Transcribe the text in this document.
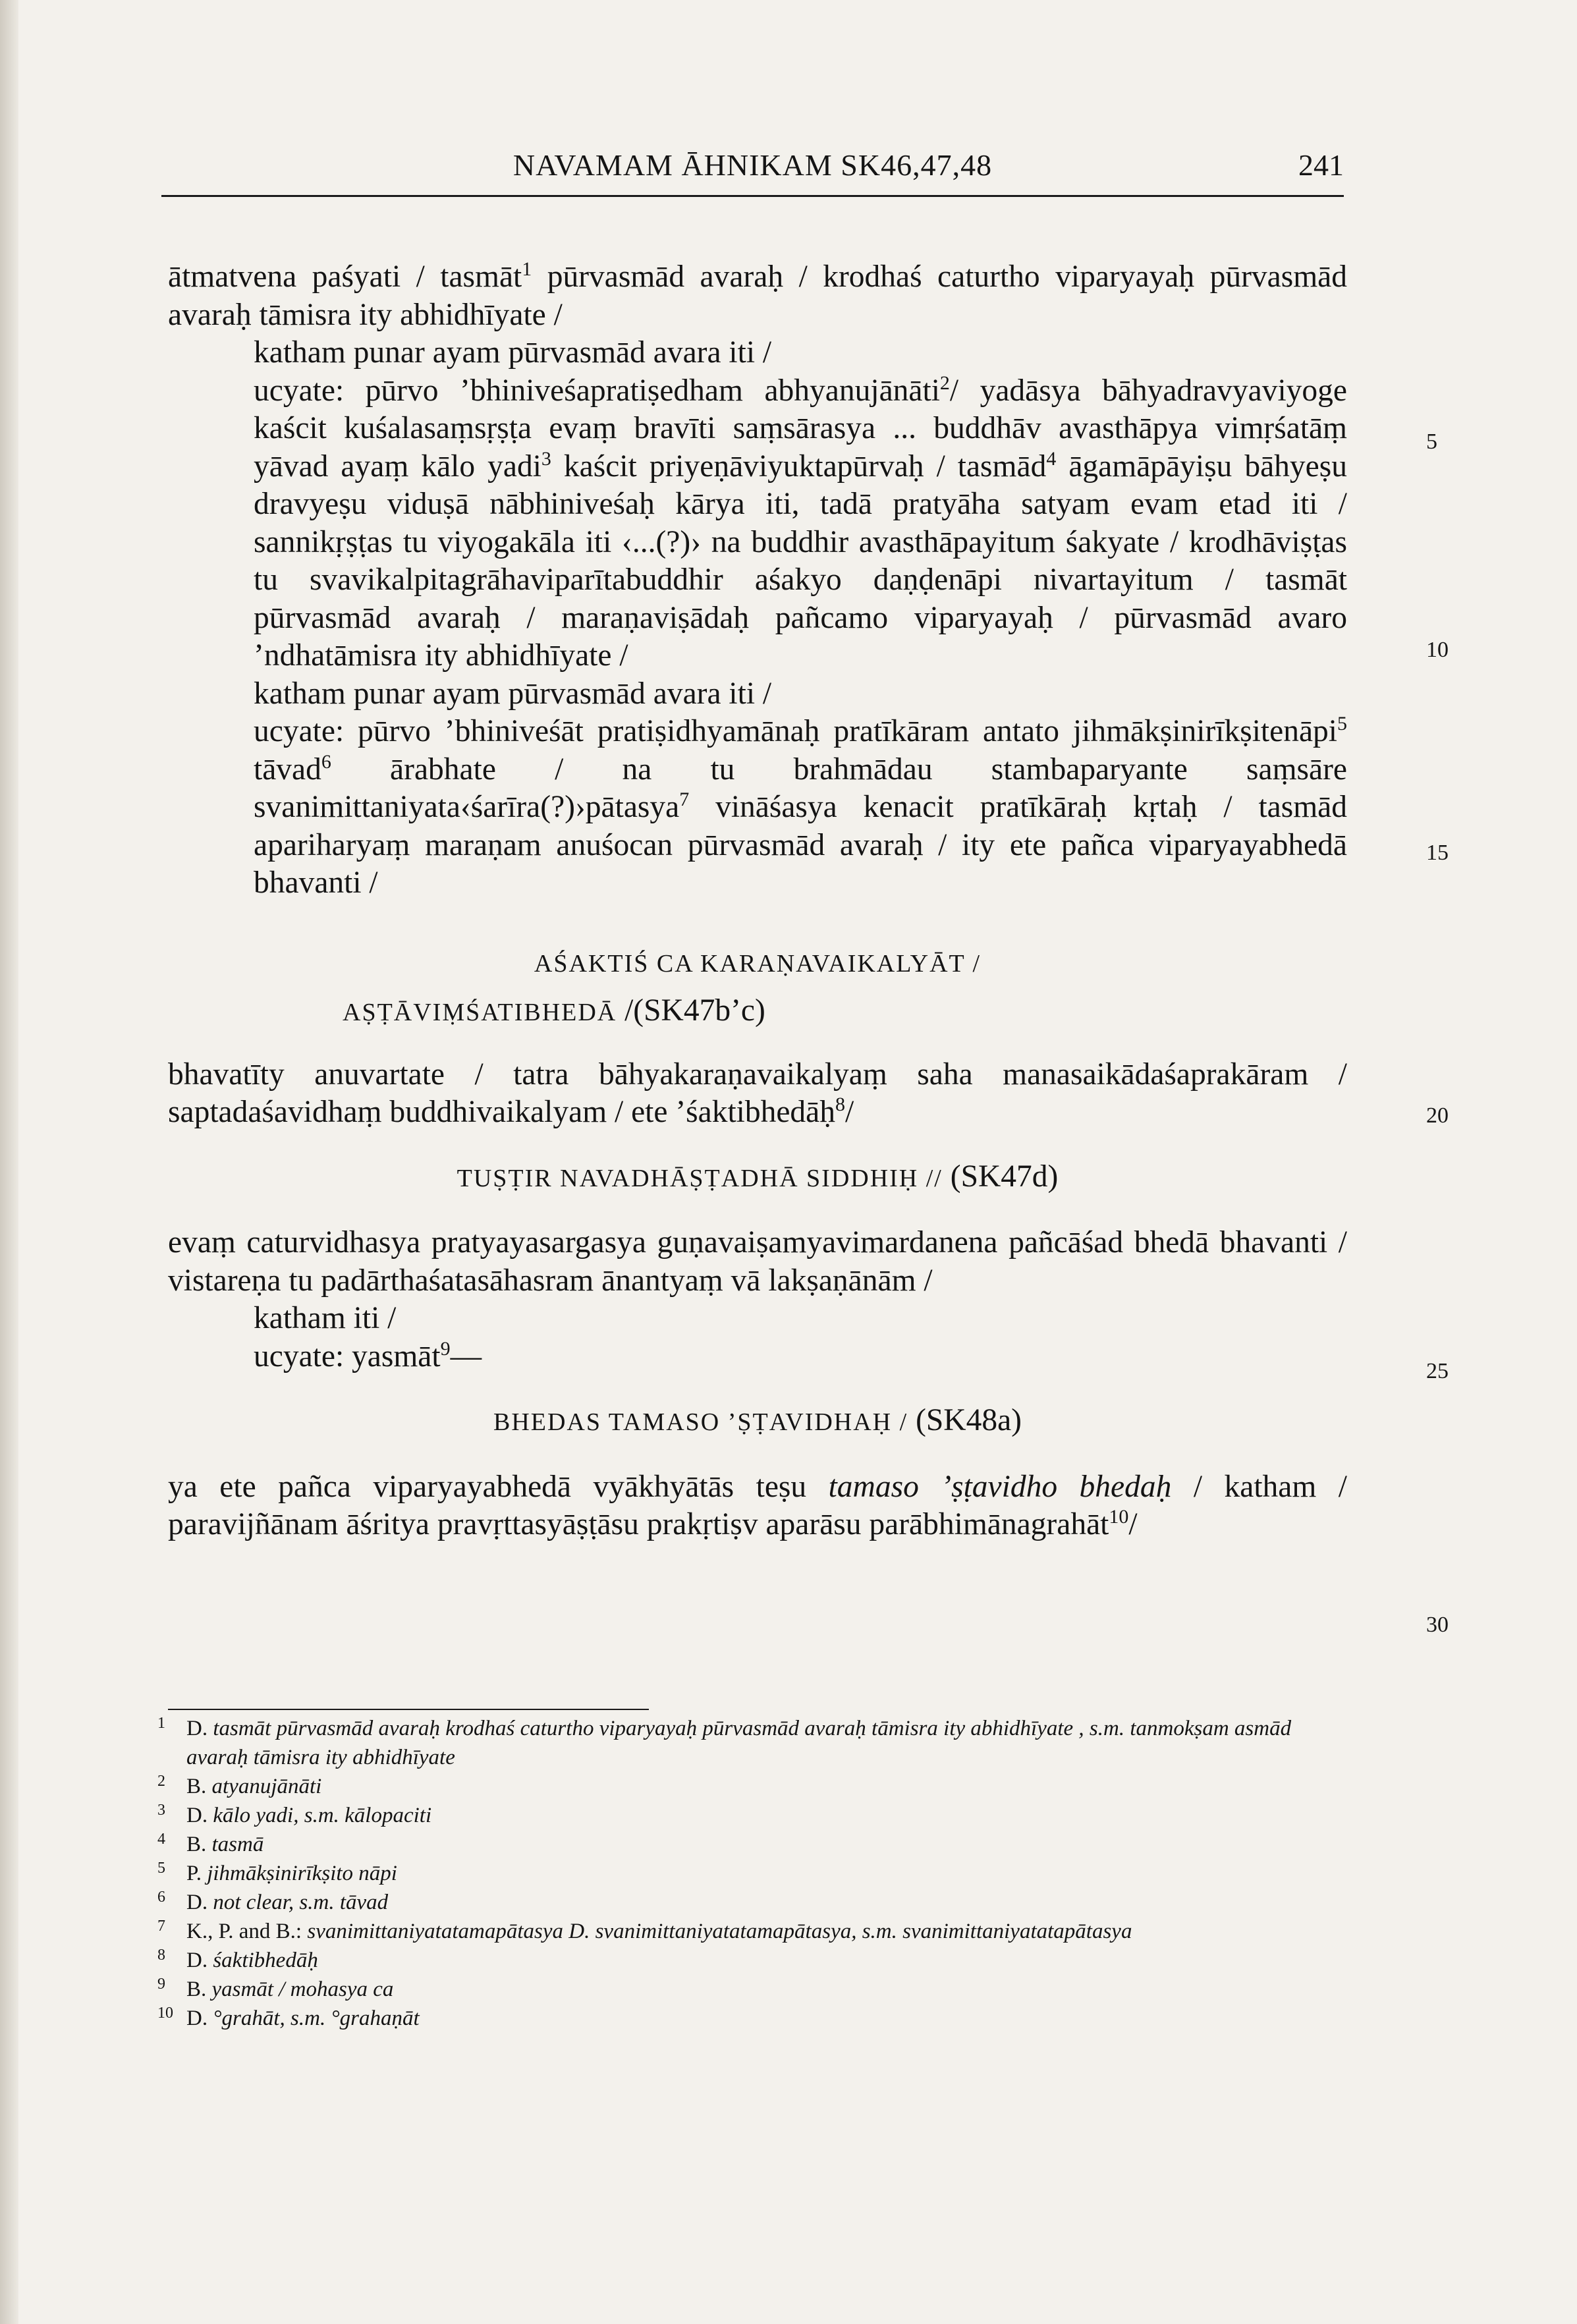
NAVAMAM ĀHNIKAM SK46,47,48	241

ātmatvena paśyati / tasmāt$^1$ pūrvasmād avaraḥ / krodhaś caturtho viparyayaḥ pūrvasmād avaraḥ tāmisra ity abhidhīyate /

katham punar ayam pūrvasmād avara iti /

ucyate: pūrvo ’bhiniveśapratiṣedham abhyanujānāti$^2$/ yadāsya bāhyadravyaviyoge kaścit kuśalasaṃsṛṣṭa evaṃ bravīti saṃsārasya ... buddhāv avasthāpya vimṛśatāṃ yāvad ayaṃ kālo yadi$^3$ kaścit priyeṇāviyuktapūrvaḥ / tasmād$^4$ āgamāpāyiṣu bāhyeṣu dravyeṣu viduṣā nābhiniveśaḥ kārya iti, tadā pratyāha satyam evam etad iti / sannikṛṣṭas tu viyogakāla iti ‹...(?)› na buddhir avasthāpayitum śakyate / krodhāviṣṭas tu svavikalpitagrāhaviparītabuddhir aśakyo daṇḍenāpi nivartayitum / tasmāt pūrvasmād avaraḥ / maraṇaviṣādaḥ pañcamo viparyayaḥ / pūrvasmād avaro ’ndhatāmisra ity abhidhīyate /

katham punar ayam pūrvasmād avara iti /

ucyate: pūrvo ’bhiniveśāt pratiṣidhyamānaḥ pratīkāram antato jihmākṣinirīkṣitenāpi$^5$ tāvad$^6$ ārabhate / na tu brahmādau stambaparyante saṃsāre svanimittaniyata‹śarīra(?)›pātasya$^7$ vināśasya kenacit pratīkāraḥ kṛtaḥ / tasmād apariharyaṃ maraṇam anuśocan pūrvasmād avaraḥ / ity ete pañca viparyayabhedā bhavanti /

AŚAKTIŚ CA KARAṆAVAIKALYĀT /

AṢṬĀVIṂŚATIBHEDĀ /(SK47b’c)

bhavatīty anuvartate / tatra bāhyakaraṇavaikalyaṃ saha manasaikādaśaprakāram / saptadaśavidhaṃ buddhivaikalyam / ete ’śaktibhedāḥ$^8$/

TUṢṬIR NAVADHĀṢṬADHĀ SIDDHIḤ // (SK47d)

evaṃ caturvidhasya pratyayasargasya guṇavaiṣamyavimardanena pañcāśad bhedā bhavanti / vistareṇa tu padārthaśatasāhasram ānantyaṃ vā lakṣaṇānām /

katham iti /

ucyate: yasmāt$^9$—

BHEDAS TAMASO ’ṢṬAVIDHAḤ / (SK48a)

ya ete pañca viparyayabhedā vyākhyātās teṣu tamaso ’ṣṭavidho bhedaḥ / katham / paravijñānam āśritya pravṛttasyāṣṭāsu prakṛtiṣv aparāsu parābhimānagrahāt$^{10}$/

5
10
15
20
25
30
1 D. tasmāt pūrvasmād avaraḥ krodhaś caturtho viparyayaḥ pūrvasmād avaraḥ tāmisra ity abhidhīyate , s.m. tanmokṣam asmād avaraḥ tāmisra ity abhidhīyate
2 B. atyanujānāti
3 D. kālo yadi, s.m. kālopaciti
4 B. tasmā
5 P. jihmākṣinirīkṣito nāpi
6 D. not clear, s.m. tāvad
7 K., P. and B.: svanimittaniyatatamapātasya D. svanimittaniyatatamapātasya, s.m. svanimittaniyatatapātasya
8 D. śaktibhedāḥ
9 B. yasmāt / mohasya ca
10 D. °grahāt, s.m. °grahaṇāt
